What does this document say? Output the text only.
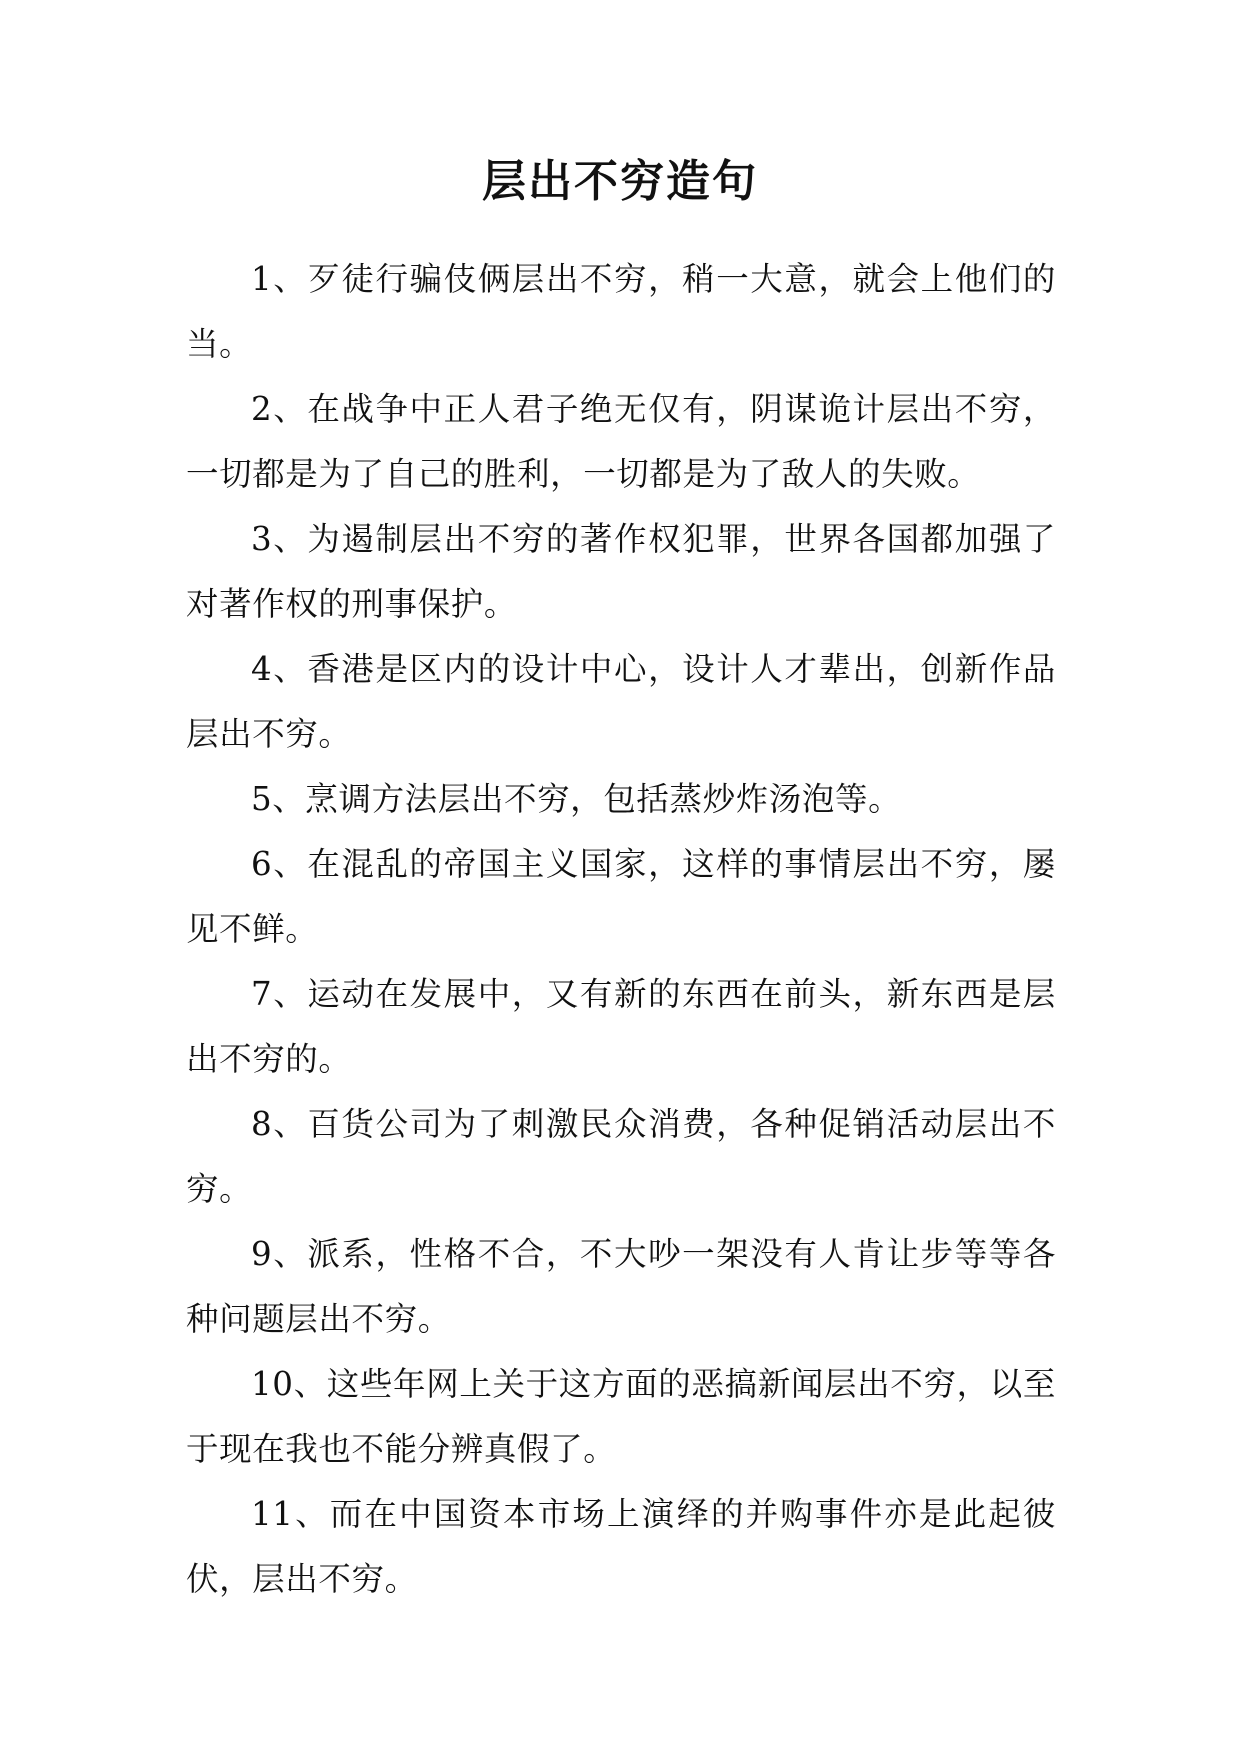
层出不穷造句

1、歹徒行骗伎俩层出不穷，稍一大意，就会上他们的当。

2、在战争中正人君子绝无仅有，阴谋诡计层出不穷，一切都是为了自己的胜利，一切都是为了敌人的失败。

3、为遏制层出不穷的著作权犯罪，世界各国都加强了对著作权的刑事保护。

4、香港是区内的设计中心，设计人才辈出，创新作品层出不穷。

5、烹调方法层出不穷，包括蒸炒炸汤泡等。

6、在混乱的帝国主义国家，这样的事情层出不穷，屡见不鲜。

7、运动在发展中，又有新的东西在前头，新东西是层出不穷的。

8、百货公司为了刺激民众消费，各种促销活动层出不穷。

9、派系，性格不合，不大吵一架没有人肯让步等等各种问题层出不穷。

10、这些年网上关于这方面的恶搞新闻层出不穷，以至于现在我也不能分辨真假了。

11、而在中国资本市场上演绎的并购事件亦是此起彼伏，层出不穷。
